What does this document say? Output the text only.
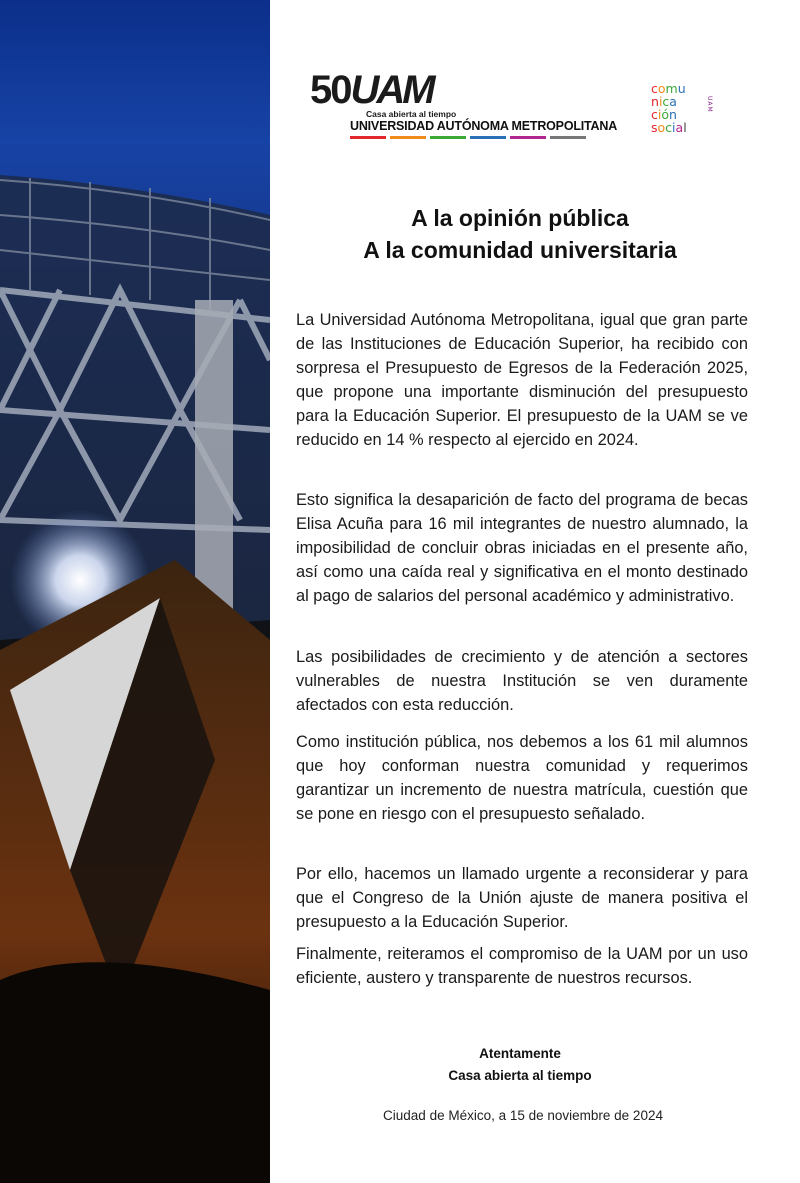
50UAM
Casa abierta al tiempo
UNIVERSIDAD AUTÓNOMA METROPOLITANA
comu
nica
ción
social
UAM
A la opinión pública
A la comunidad universitaria
La Universidad Autónoma Metropolitana, igual que gran parte de las Instituciones de Educación Superior, ha recibido con sorpresa el Presupuesto de Egresos de la Federación 2025, que propone una importante disminución del presupuesto para la Educación Superior. El presupuesto de la UAM se ve reducido en 14 % respecto al ejercido en 2024.
Esto significa la desaparición de facto del programa de becas Elisa Acuña para 16 mil integrantes de nuestro alumnado, la imposibilidad de concluir obras iniciadas en el presente año, así como una caída real y significativa en el monto destinado al pago de salarios del personal académico y administrativo.
Las posibilidades de crecimiento y de atención a sectores vulnerables de nuestra Institución se ven duramente afectados con esta reducción.
Como institución pública, nos debemos a los 61 mil alumnos que hoy conforman nuestra comunidad y requerimos garantizar un incremento de nuestra matrícula, cuestión que se pone en riesgo con el presupuesto señalado.
Por ello, hacemos un llamado urgente a reconsiderar y para que el Congreso de la Unión ajuste de manera positiva el presupuesto a la Educación Superior.
Finalmente, reiteramos el compromiso de la UAM por un uso eficiente, austero y transparente de nuestros recursos.
Atentamente
Casa abierta al tiempo
Ciudad de México, a 15 de noviembre de 2024
